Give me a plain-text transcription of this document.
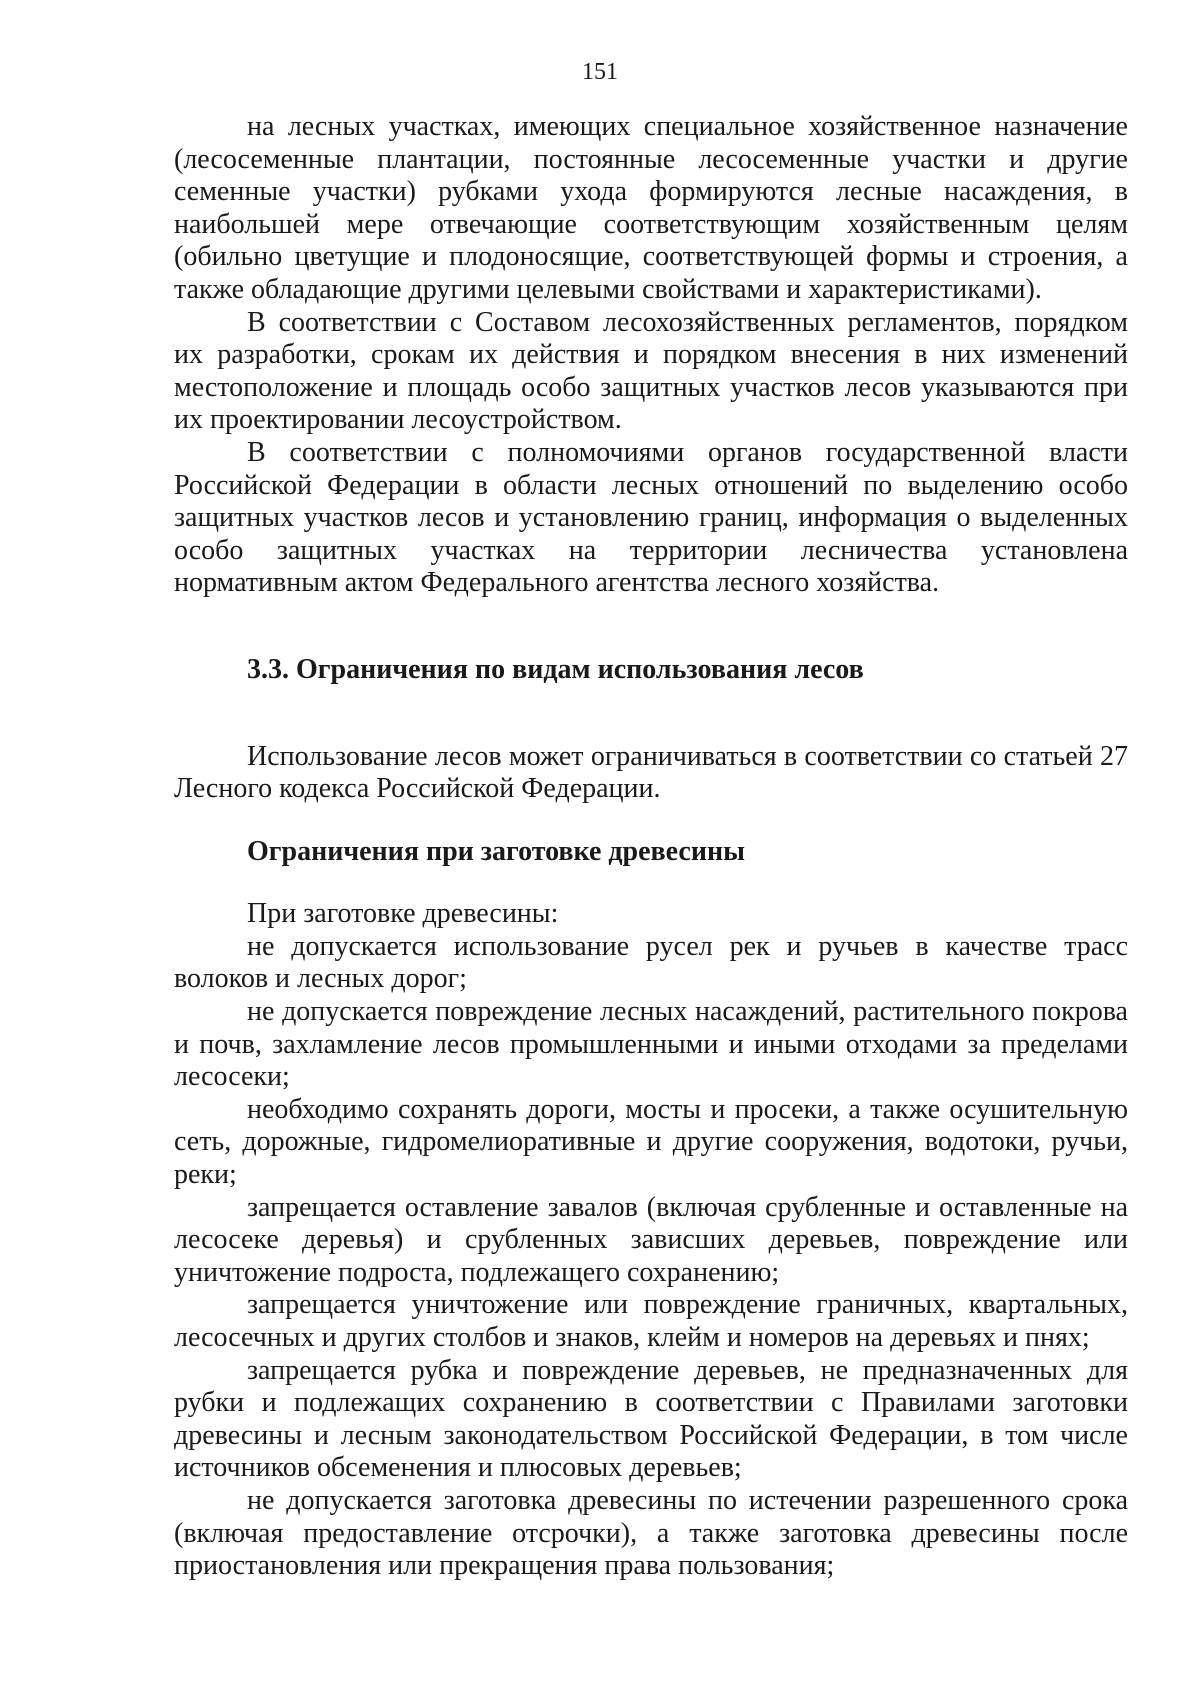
151

на лесных участках, имеющих специальное хозяйственное назначение (лесосеменные плантации, постоянные лесосеменные участки и другие семенные участки) рубками ухода формируются лесные насаждения, в наибольшей мере отвечающие соответствующим хозяйственным целям (обильно цветущие и плодоносящие, соответствующей формы и строения, а также обладающие другими целевыми свойствами и характеристиками).

В соответствии с Составом лесохозяйственных регламентов, порядком их разработки, срокам их действия и порядком внесения в них изменений местоположение и площадь особо защитных участков лесов указываются при их проектировании лесоустройством.

В соответствии с полномочиями органов государственной власти Российской Федерации в области лесных отношений по выделению особо защитных участков лесов и установлению границ, информация о выделенных особо защитных участках на территории лесничества установлена нормативным актом Федерального агентства лесного хозяйства.

3.3. Ограничения по видам использования лесов

Использование лесов может ограничиваться в соответствии со статьей 27 Лесного кодекса Российской Федерации.

Ограничения при заготовке древесины

При заготовке древесины:

не допускается использование русел рек и ручьев в качестве трасс волоков и лесных дорог;

не допускается повреждение лесных насаждений, растительного покрова и почв, захламление лесов промышленными и иными отходами за пределами лесосеки;

необходимо сохранять дороги, мосты и просеки, а также осушительную сеть, дорожные, гидромелиоративные и другие сооружения, водотоки, ручьи, реки;

запрещается оставление завалов (включая срубленные и оставленные на лесосеке деревья) и срубленных зависших деревьев, повреждение или уничтожение подроста, подлежащего сохранению;

запрещается уничтожение или повреждение граничных, квартальных, лесосечных и других столбов и знаков, клейм и номеров на деревьях и пнях;

запрещается рубка и повреждение деревьев, не предназначенных для рубки и подлежащих сохранению в соответствии с Правилами заготовки древесины и лесным законодательством Российской Федерации, в том числе источников обсеменения и плюсовых деревьев;

не допускается заготовка древесины по истечении разрешенного срока (включая предоставление отсрочки), а также заготовка древесины после приостановления или прекращения права пользования;
